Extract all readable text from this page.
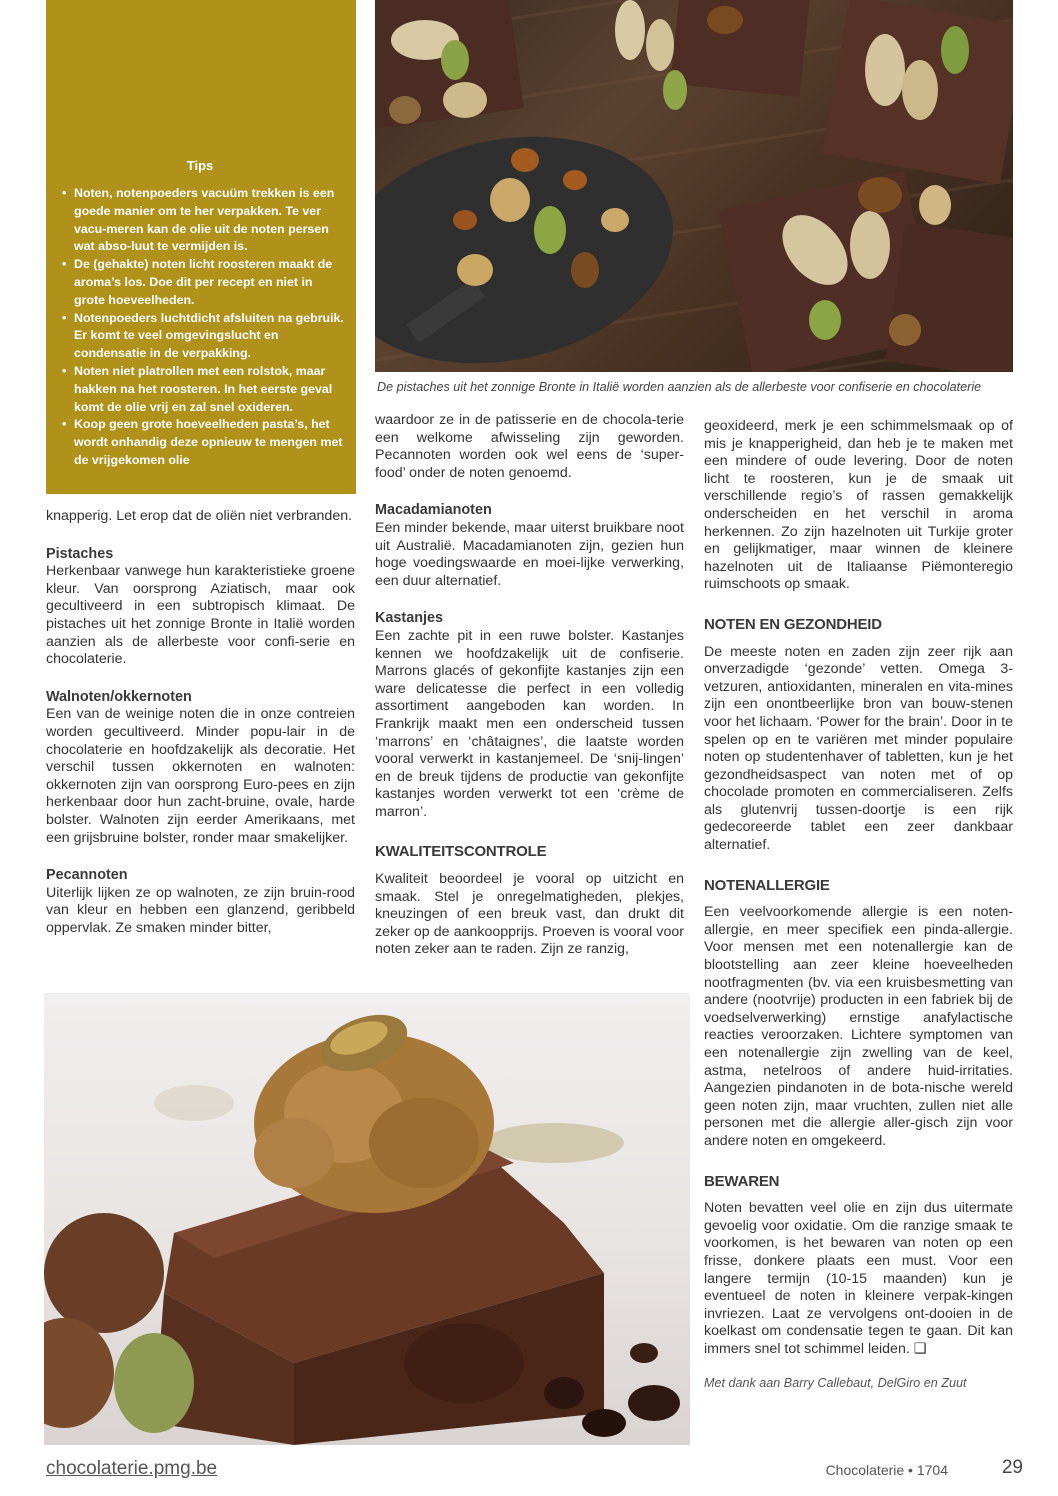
Tips
• Noten, notenpoeders vacuüm trekken is een goede manier om te her verpakken. Te ver vacu-meren kan de olie uit de noten persen wat abso-luut te vermijden is.
• De (gehakte) noten licht roosteren maakt de aroma’s los. Doe dit per recept en niet in grote hoeveelheden.
• Notenpoeders luchtdicht afsluiten na gebruik. Er komt te veel omgevingslucht en condensatie in de verpakking.
• Noten niet platrollen met een rolstok, maar hakken na het roosteren. In het eerste geval komt de olie vrij en zal snel oxideren.
• Koop geen grote hoeveelheden pasta’s, het wordt onhandig deze opnieuw te mengen met de vrijgekomen olie
De pistaches uit het zonnige Bronte in Italië worden aanzien als de allerbeste voor confiserie en chocolaterie

knapperig. Let erop dat de oliën niet verbranden.

Pistaches

Herkenbaar vanwege hun karakteristieke groene kleur. Van oorsprong Aziatisch, maar ook gecultiveerd in een subtropisch klimaat. De pistaches uit het zonnige Bronte in Italië worden aanzien als de allerbeste voor confi-serie en chocolaterie.

Walnoten/okkernoten

Een van de weinige noten die in onze contreien worden gecultiveerd. Minder popu-lair in de chocolaterie en hoofdzakelijk als decoratie. Het verschil tussen okkernoten en walnoten: okkernoten zijn van oorsprong Euro-pees en zijn herkenbaar door hun zacht-bruine, ovale, harde bolster. Walnoten zijn eerder Amerikaans, met een grijsbruine bolster, ronder maar smakelijker.

Pecannoten

Uiterlijk lijken ze op walnoten, ze zijn bruin-rood van kleur en hebben een glanzend, geribbeld oppervlak. Ze smaken minder bitter,

waardoor ze in de patisserie en de chocola-terie een welkome afwisseling zijn geworden. Pecannoten worden ook wel eens de ‘super-food’ onder de noten genoemd.

Macadamianoten

Een minder bekende, maar uiterst bruikbare noot uit Australië. Macadamianoten zijn, gezien hun hoge voedingswaarde en moei-lijke verwerking, een duur alternatief.

Kastanjes

Een zachte pit in een ruwe bolster. Kastanjes kennen we hoofdzakelijk uit de confiserie. Marrons glacés of gekonfijte kastanjes zijn een ware delicatesse die perfect in een volledig assortiment aangeboden kan worden. In Frankrijk maakt men een onderscheid tussen ‘marrons’ en ‘châtaignes’, die laatste worden vooral verwerkt in kastanjemeel. De ‘snij-lingen’ en de breuk tijdens de productie van gekonfijte kastanjes worden verwerkt tot een ‘crème de marron’.

KWALITEITSCONTROLE

Kwaliteit beoordeel je vooral op uitzicht en smaak. Stel je onregelmatigheden, plekjes, kneuzingen of een breuk vast, dan drukt dit zeker op de aankoopprijs. Proeven is vooral voor noten zeker aan te raden. Zijn ze ranzig,

geoxideerd, merk je een schimmelsmaak op of mis je knapperigheid, dan heb je te maken met een mindere of oude levering. Door de noten licht te roosteren, kun je de smaak uit verschillende regio’s of rassen gemakkelijk onderscheiden en het verschil in aroma herkennen. Zo zijn hazelnoten uit Turkije groter en gelijkmatiger, maar winnen de kleinere hazelnoten uit de Italiaanse Piëmonteregio ruimschoots op smaak.

NOTEN EN GEZONDHEID

De meeste noten en zaden zijn zeer rijk aan onverzadigde ‘gezonde’ vetten. Omega 3-vetzuren, antioxidanten, mineralen en vita-mines zijn een onontbeerlijke bron van bouw-stenen voor het lichaam. ‘Power for the brain’. Door in te spelen op en te variëren met minder populaire noten op studentenhaver of tabletten, kun je het gezondheidsaspect van noten met of op chocolade promoten en commercialiseren. Zelfs als glutenvrij tussen-doortje is een rijk gedecoreerde tablet een zeer dankbaar alternatief.

NOTENALLERGIE

Een veelvoorkomende allergie is een noten-allergie, en meer specifiek een pinda-allergie. Voor mensen met een notenallergie kan de blootstelling aan zeer kleine hoeveelheden nootfragmenten (bv. via een kruisbesmetting van andere (nootvrije) producten in een fabriek bij de voedselverwerking) ernstige anafylactische reacties veroorzaken. Lichtere symptomen van een notenallergie zijn zwelling van de keel, astma, netelroos of andere huid-irritaties. Aangezien pindanoten in de bota-nische wereld geen noten zijn, maar vruchten, zullen niet alle personen met die allergie aller-gisch zijn voor andere noten en omgekeerd.

BEWAREN

Noten bevatten veel olie en zijn dus uitermate gevoelig voor oxidatie. Om die ranzige smaak te voorkomen, is het bewaren van noten op een frisse, donkere plaats een must. Voor een langere termijn (10-15 maanden) kun je eventueel de noten in kleinere verpak-kingen invriezen. Laat ze vervolgens ont-dooien in de koelkast om condensatie tegen te gaan. Dit kan immers snel tot schimmel leiden. ❑

Met dank aan Barry Callebaut, DelGiro en Zuut
chocolaterie.pmg.be	Chocolaterie • 1704	29
